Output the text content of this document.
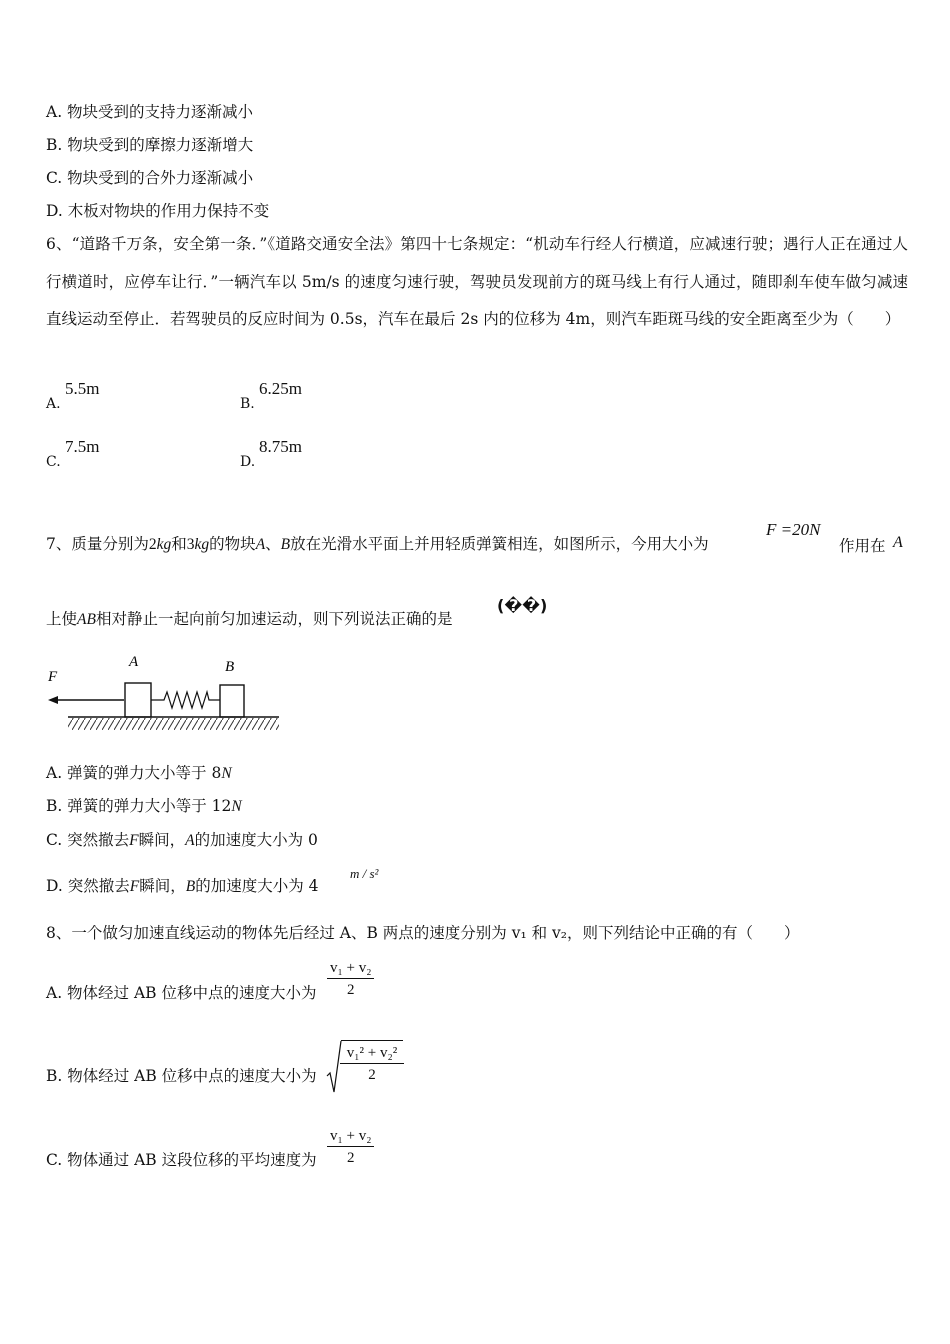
A. 物块受到的支持力逐渐减小
B. 物块受到的摩擦力逐渐增大
C. 物块受到的合外力逐渐减小
D. 木板对物块的作用力保持不变
6、“道路千万条，安全第一条．”《道路交通安全法》第四十七条规定：“机动车行经人行横道，应减速行驶；遇行人正在通过人行横道时，应停车让行．”一辆汽车以 5m/s 的速度匀速行驶，驾驶员发现前方的斑马线上有行人通过，随即刹车使车做匀减速直线运动至停止．若驾驶员的反应时间为 0.5s，汽车在最后 2s 内的位移为 4m，则汽车距斑马线的安全距离至少为（　　）
A.
5.5m
B.
6.25m
C.
7.5m
D.
8.75m
7、质量分别为2kg和3kg的物块A、B放在光滑水平面上并用轻质弹簧相连，如图所示，今用大小为
F =20N
作用在 A
上使AB相对静止一起向前匀加速运动，则下列说法正确的是
(��)
F
A	B
A. 弹簧的弹力大小等于 8N
B. 弹簧的弹力大小等于 12N
C. 突然撤去F瞬间，A的加速度大小为 0
D. 突然撤去F瞬间，B的加速度大小为 4
m / s²
8、一个做匀加速直线运动的物体先后经过 A、B 两点的速度分别为 v₁ 和 v₂，则下列结论中正确的有（　　）
A. 物体经过 AB 位移中点的速度大小为 $\frac{\text{v₁ + v₂}}{2}$
B. 物体经过 AB 位移中点的速度大小为 $\frac{\text{v₁² + v₂²}}{2}$
C. 物体通过 AB 这段位移的平均速度为 $\frac{\text{v₁ + v₂}}{2}$
